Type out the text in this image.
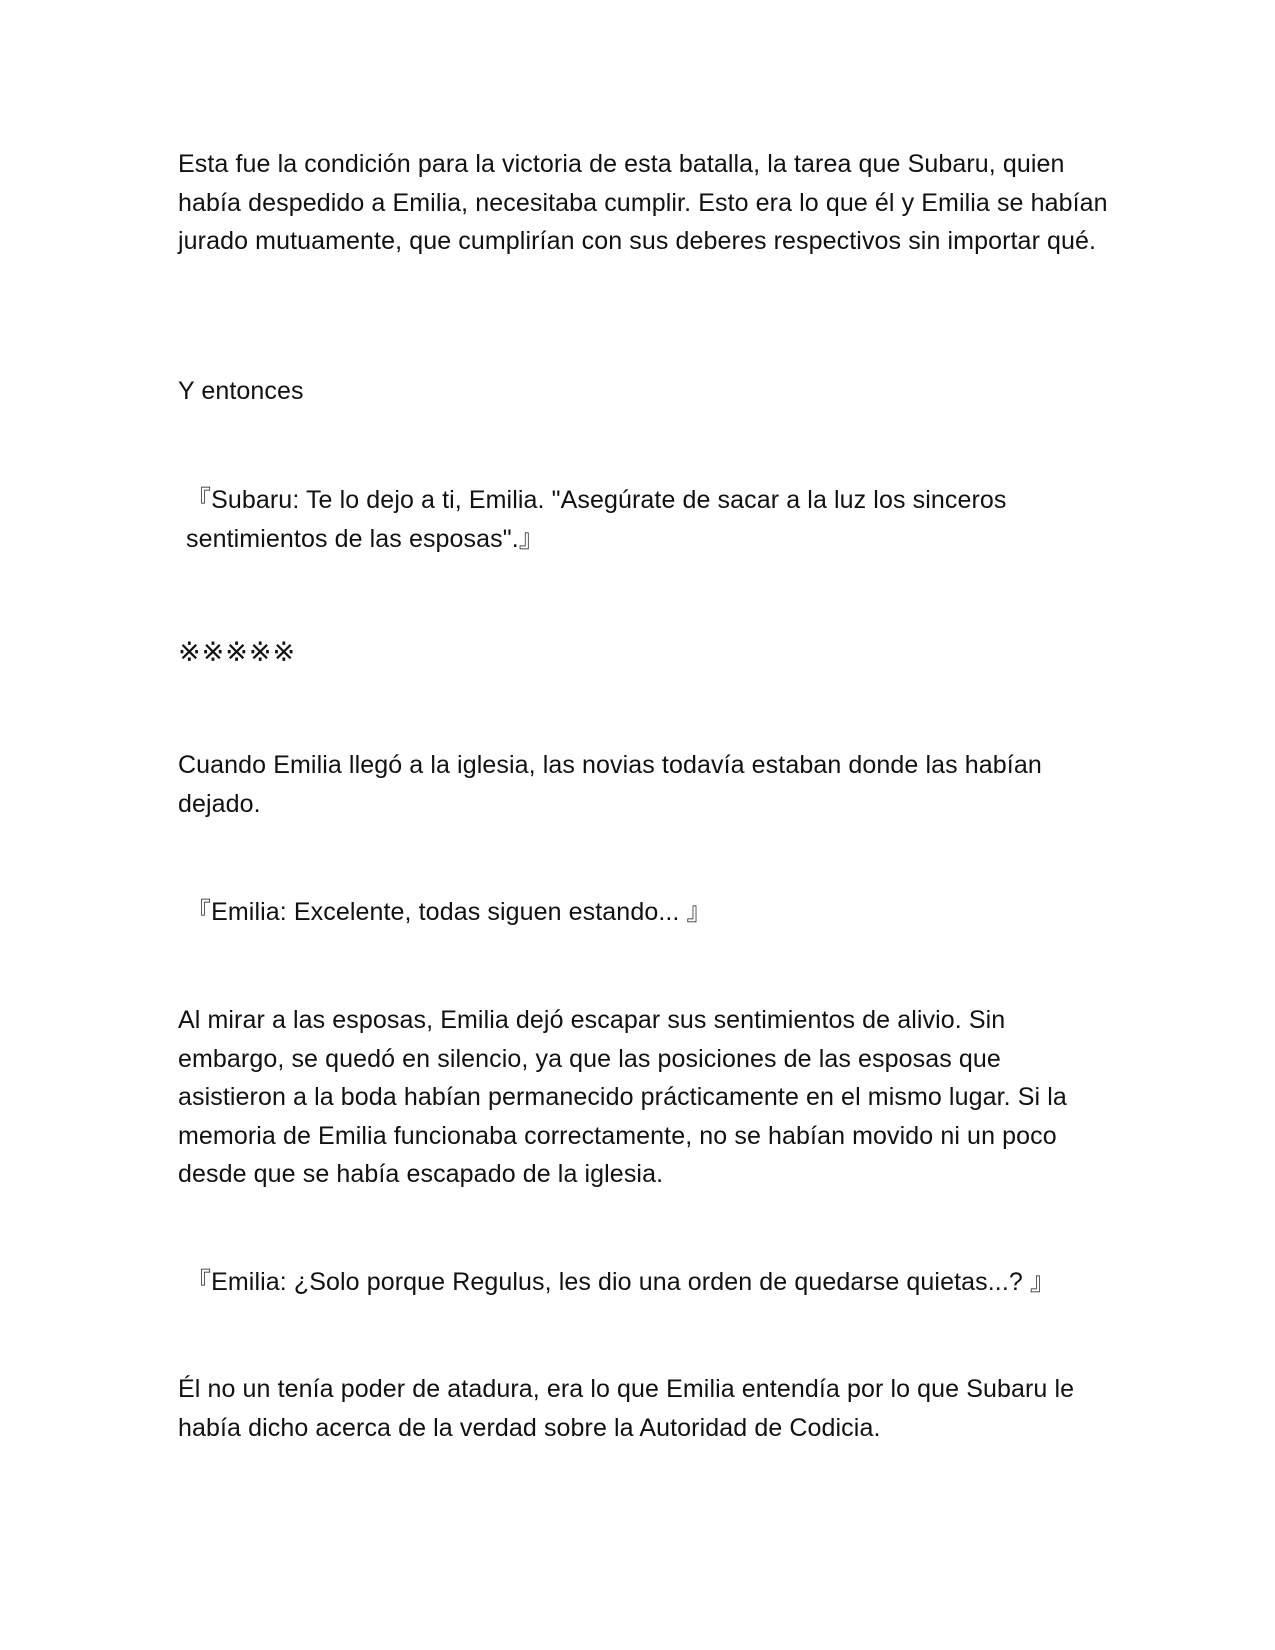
Esta fue la condición para la victoria de esta batalla, la tarea que Subaru, quien había despedido a Emilia, necesitaba cumplir. Esto era lo que él y Emilia se habían jurado mutuamente, que cumplirían con sus deberes respectivos sin importar qué.

Y entonces

『Subaru: Te lo dejo a ti, Emilia. "Asegúrate de sacar a la luz los sinceros sentimientos de las esposas".』

※※※※※

Cuando Emilia llegó a la iglesia, las novias todavía estaban donde las habían dejado.

『Emilia: Excelente, todas siguen estando... 』

Al mirar a las esposas, Emilia dejó escapar sus sentimientos de alivio. Sin embargo, se quedó en silencio, ya que las posiciones de las esposas que asistieron a la boda habían permanecido prácticamente en el mismo lugar. Si la memoria de Emilia funcionaba correctamente, no se habían movido ni un poco desde que se había escapado de la iglesia.

『Emilia: ¿Solo porque Regulus, les dio una orden de quedarse quietas...? 』

Él no un tenía poder de atadura, era lo que Emilia entendía por lo que Subaru le había dicho acerca de la verdad sobre la Autoridad de Codicia.
